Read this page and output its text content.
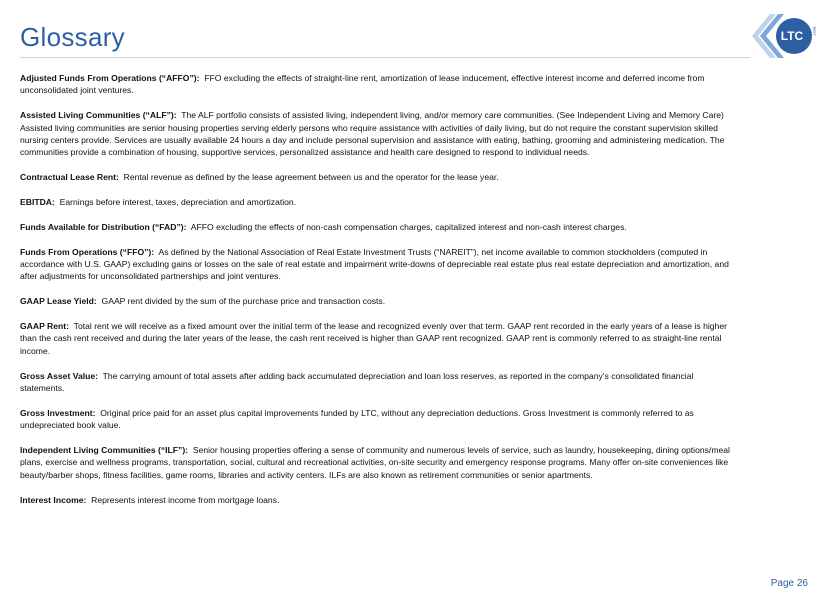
Glossary	LTC REIT

Adjusted Funds From Operations (“AFFO”): FFO excluding the effects of straight-line rent, amortization of lease inducement, effective interest income and deferred income from unconsolidated joint ventures.

Assisted Living Communities (“ALF”): The ALF portfolio consists of assisted living, independent living, and/or memory care communities. (See Independent Living and Memory Care) Assisted living communities are senior housing properties serving elderly persons who require assistance with activities of daily living, but do not require the constant supervision skilled nursing centers provide. Services are usually available 24 hours a day and include personal supervision and assistance with eating, bathing, grooming and administering medication. The communities provide a combination of housing, supportive services, personalized assistance and health care designed to respond to individual needs.

Contractual Lease Rent: Rental revenue as defined by the lease agreement between us and the operator for the lease year.

EBITDA: Earnings before interest, taxes, depreciation and amortization.

Funds Available for Distribution (“FAD”): AFFO excluding the effects of non-cash compensation charges, capitalized interest and non-cash interest charges.

Funds From Operations (“FFO”): As defined by the National Association of Real Estate Investment Trusts (“NAREIT”), net income available to common stockholders (computed in accordance with U.S. GAAP) excluding gains or losses on the sale of real estate and impairment write-downs of depreciable real estate plus real estate depreciation and amortization, and after adjustments for unconsolidated partnerships and joint ventures.

GAAP Lease Yield: GAAP rent divided by the sum of the purchase price and transaction costs.

GAAP Rent: Total rent we will receive as a fixed amount over the initial term of the lease and recognized evenly over that term. GAAP rent recorded in the early years of a lease is higher than the cash rent received and during the later years of the lease, the cash rent received is higher than GAAP rent recognized. GAAP rent is commonly referred to as straight-line rental income.

Gross Asset Value: The carrying amount of total assets after adding back accumulated depreciation and loan loss reserves, as reported in the company’s consolidated financial statements.

Gross Investment: Original price paid for an asset plus capital improvements funded by LTC, without any depreciation deductions. Gross Investment is commonly referred to as undepreciated book value.

Independent Living Communities (“ILF”): Senior housing properties offering a sense of community and numerous levels of service, such as laundry, housekeeping, dining options/meal plans, exercise and wellness programs, transportation, social, cultural and recreational activities, on-site security and emergency response programs. Many offer on-site conveniences like beauty/barber shops, fitness facilities, game rooms, libraries and activity centers. ILFs are also known as retirement communities or senior apartments.

Interest Income: Represents interest income from mortgage loans.

Page 26
